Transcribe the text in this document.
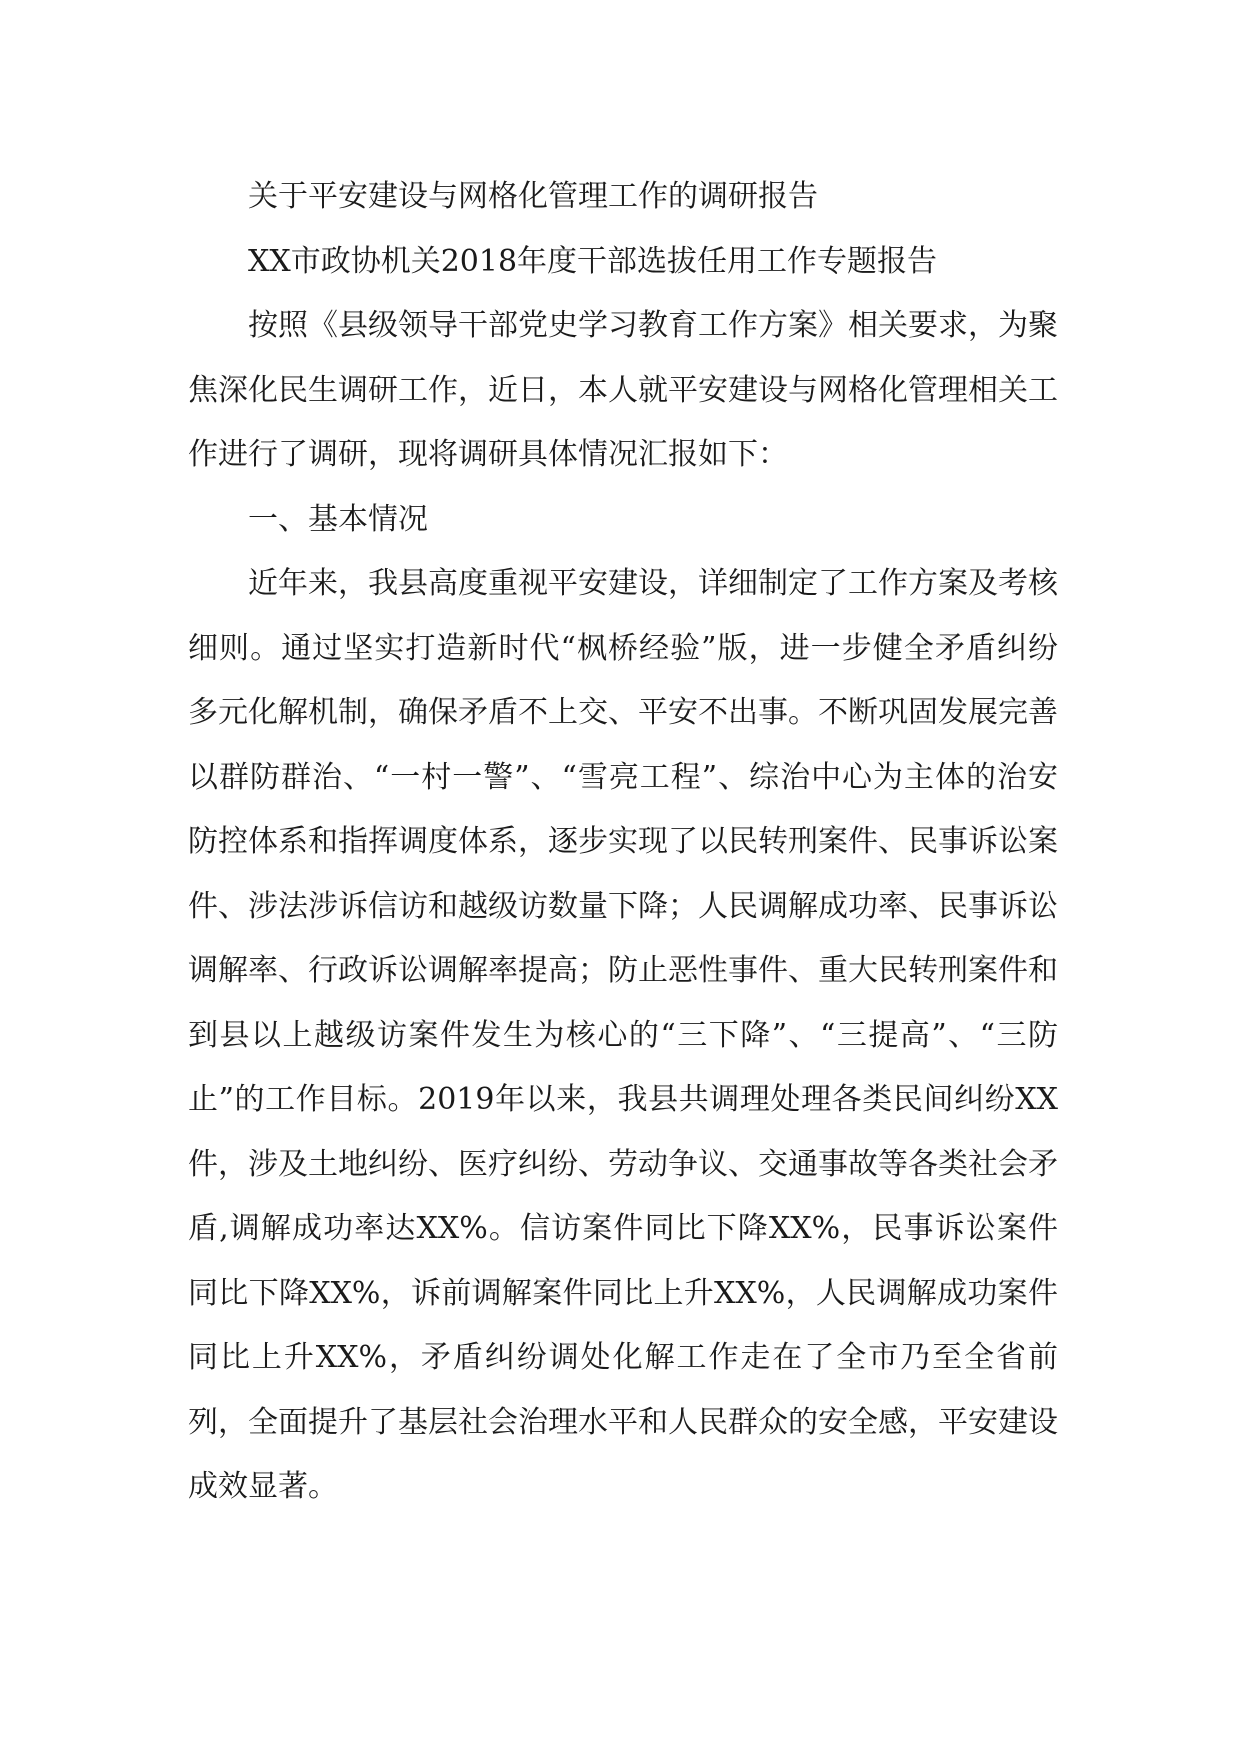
关于平安建设与网格化管理工作的调研报告

XX市政协机关2018年度干部选拔任用工作专题报告

按照《县级领导干部党史学习教育工作方案》相关要求，为聚焦深化民生调研工作，近日，本人就平安建设与网格化管理相关工作进行了调研，现将调研具体情况汇报如下：

一、基本情况

近年来，我县高度重视平安建设，详细制定了工作方案及考核细则。通过坚实打造新时代“枫桥经验”版，进一步健全矛盾纠纷多元化解机制，确保矛盾不上交、平安不出事。不断巩固发展完善以群防群治、“一村一警”、“雪亮工程”、综治中心为主体的治安防控体系和指挥调度体系，逐步实现了以民转刑案件、民事诉讼案件、涉法涉诉信访和越级访数量下降；人民调解成功率、民事诉讼调解率、行政诉讼调解率提高；防止恶性事件、重大民转刑案件和到县以上越级访案件发生为核心的“三下降”、“三提高”、“三防止”的工作目标。2019年以来，我县共调理处理各类民间纠纷XX件，涉及土地纠纷、医疗纠纷、劳动争议、交通事故等各类社会矛盾,调解成功率达XX%。信访案件同比下降XX%，民事诉讼案件同比下降XX%，诉前调解案件同比上升XX%，人民调解成功案件同比上升XX%，矛盾纠纷调处化解工作走在了全市乃至全省前列，全面提升了基层社会治理水平和人民群众的安全感，平安建设成效显著。
